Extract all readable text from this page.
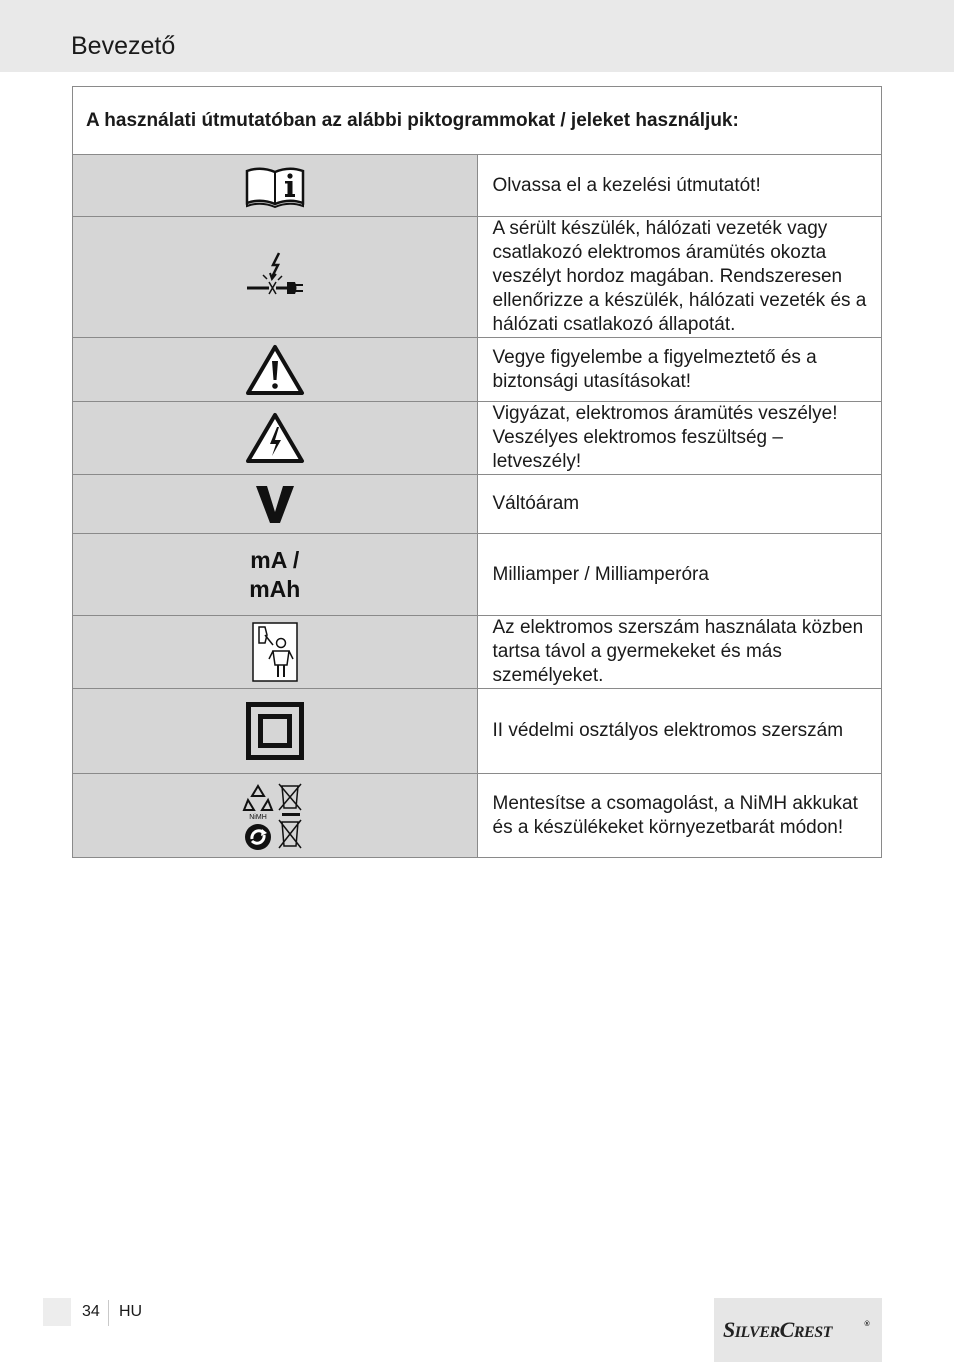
Bevezető
A használati útmutatóban az alábbi piktogrammokat / jeleket használjuk:	

Olvassa el a kezelési útmutatót!

A sérült készülék, hálózati vezeték vagy csatlakozó elektromos áramütés okozta veszélyt hordoz magában. Rendszeresen ellenőrizze a készülék, hálózati vezeték és a hálózati csatlakozó állapotát.

Vegye figyelembe a figyelmeztető és a biztonsági utasításokat!

Vigyázat, elektromos áramütés veszélye!
Veszélyes elektromos feszültség – letveszély!

Váltóáram

mA /
mAh	Milliamper / Milliamperóra

Az elektromos szerszám használata közben tartsa távol a gyermekeket és más személyeket.

II védelmi osztályos elektromos szerszám

NiMH	Mentesítse a csomagolást, a NiMH akkukat és a készülékeket környezetbarát módon!
34 HU
SILVERCREST	®
